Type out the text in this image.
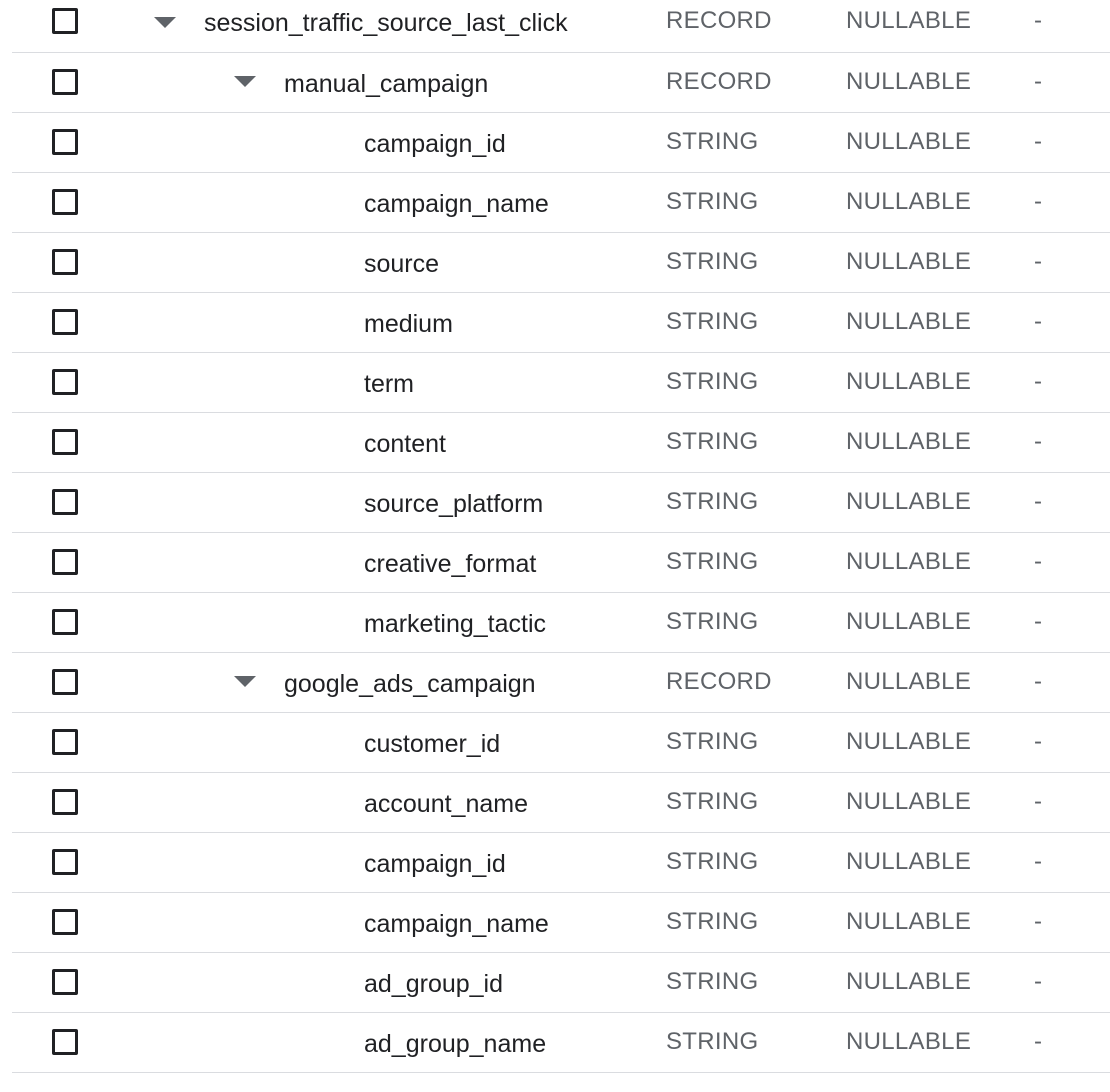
session_traffic_source_last_click	RECORD	NULLABLE	-
manual_campaign	RECORD	NULLABLE	-
campaign_id	STRING	NULLABLE	-
campaign_name	STRING	NULLABLE	-
source	STRING	NULLABLE	-
medium	STRING	NULLABLE	-
term	STRING	NULLABLE	-
content	STRING	NULLABLE	-
source_platform	STRING	NULLABLE	-
creative_format	STRING	NULLABLE	-
marketing_tactic	STRING	NULLABLE	-
google_ads_campaign	RECORD	NULLABLE	-
customer_id	STRING	NULLABLE	-
account_name	STRING	NULLABLE	-
campaign_id	STRING	NULLABLE	-
campaign_name	STRING	NULLABLE	-
ad_group_id	STRING	NULLABLE	-
ad_group_name	STRING	NULLABLE	-
